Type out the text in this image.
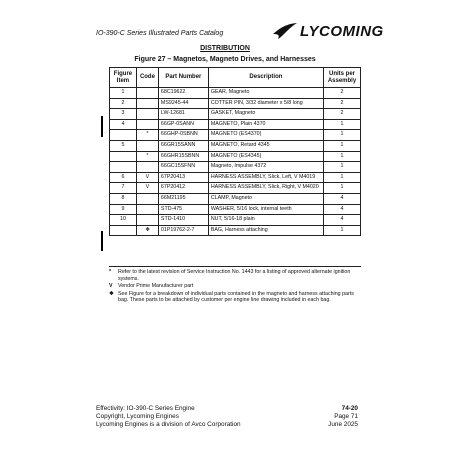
IO-390-C Series Illustrated Parts Catalog	LYCOMING
DISTRIBUTION
Figure 27 – Magnetos, Magneto Drives, and Harnesses
Figure Item	Code	Part Number	Description	Units per Assembly
1		68C19622	GEAR, Magneto	2
2		MS9245-44	COTTER PIN, 3/32 diameter x 5/8 long	2
3		LW-12681	GASKET, Magneto	2
4		66GP-0SANN	MAGNETO, Plain 4370	1
	*	66GHP-0SBNN	MAGNETO (ES4370)	1
5		66GR15SANN	MAGNETO, Retard 4345	1
	*	66GHR15SBNN	MAGNETO (ES4345)	1
		66GC15SFNN	Magneto, Impulse 4372	1
6	V	67P20413	HARNESS ASSEMBLY, Slick, Left, V M4019	1
7	V	67P20412	HARNESS ASSEMBLY, Slick, Right, V M4020	1
8		66M21195	CLAMP, Magneto	4
9		STD-475	WASHER, 5/16 lock, internal teeth	4
10		STD-1410	NUT, 5/16-18 plain	4
	❖	01P19762-2-7	BAG, Harness attaching	1
*	Refer to the latest revision of Service Instruction No. 1443 for a listing of approved alternate ignition systems.
V	Vendor Prime Manufacturer part
❖ See Figure for a breakdown of individual parts contained in the magneto and harness attaching parts bag. These parts to be attached by customer per engine line drawing included in each bag.
Effectivity: IO-390-C Series Engine	74-20
Copyright, Lycoming Engines	Page 71
Lycoming Engines is a division of Avco Corporation	June 2025
